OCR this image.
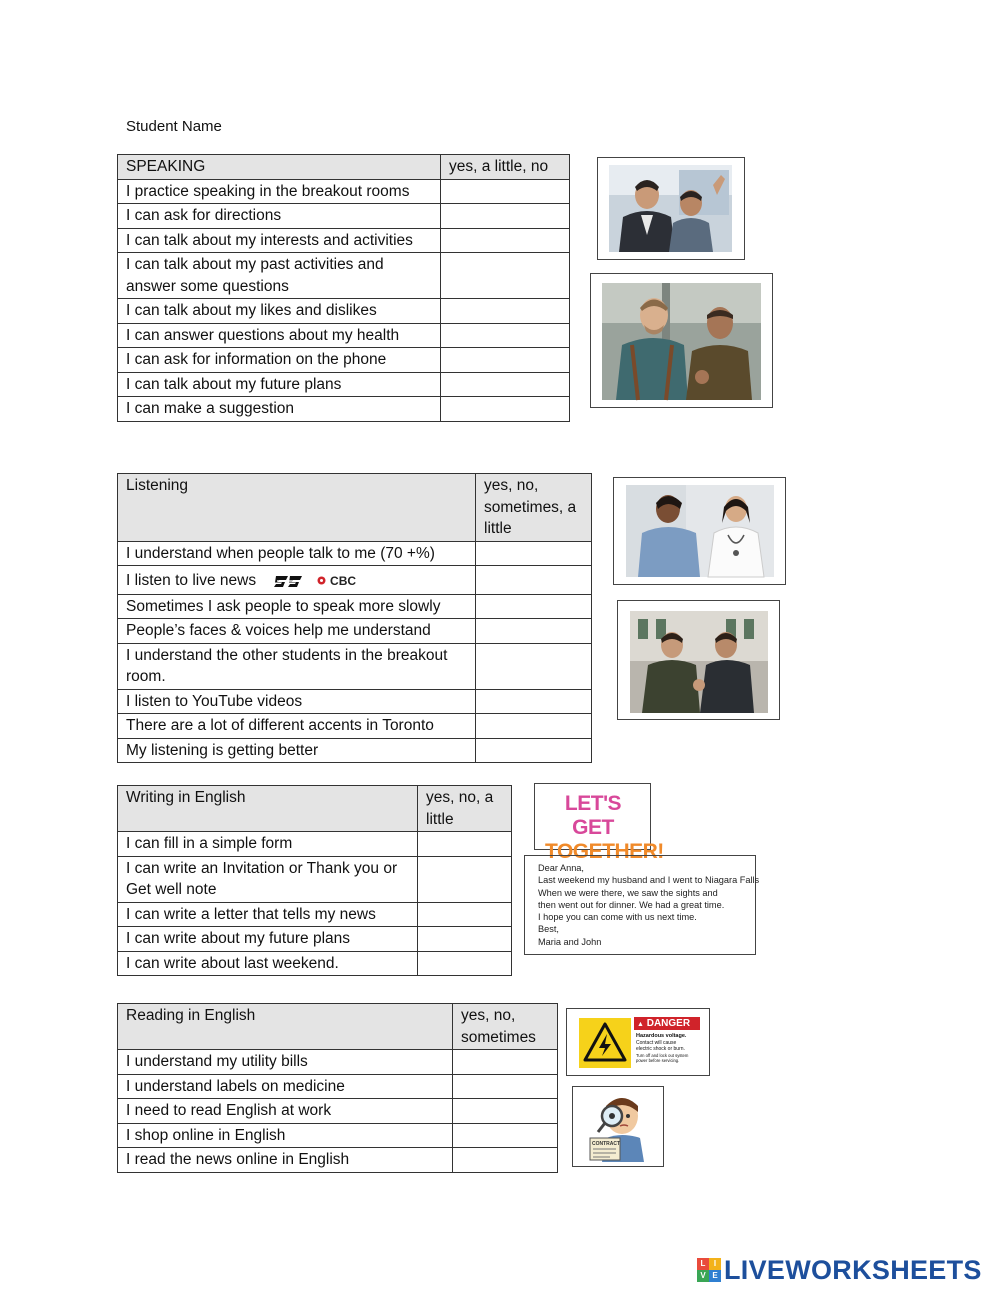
Student Name
SPEAKING	yes, a little, no
I practice speaking in the breakout rooms	
I can ask for directions	
I can talk about my interests and activities	
I can talk about my past activities and answer some questions	
I can talk about my likes and dislikes	
I can answer questions about my health	
I can ask for information on the phone	
I can talk about my future plans	
I can make a suggestion	
Listening	yes, no, sometimes, a little
I understand when people talk to me (70 +%)	
I listen to live news CBC	
Sometimes I ask people to speak more slowly	
People’s faces & voices help me understand	
I understand the other students in the breakout room.	
I listen to YouTube videos	
There are a lot of different accents in Toronto	
My listening is getting better	
Writing in English	yes, no, a little
I can fill in a simple form	
I can write an Invitation or Thank you or Get well note	
I can write a letter that tells my news	
I can write about my future plans	
I can write about last weekend.	
Reading in English	yes, no, sometimes
I understand my utility bills	
I understand labels on medicine	
I need to read English at work	
I shop online in English	
I read the news online in English	
LET'S GET
TOGETHER!
Dear Anna,
Last weekend my husband and I went to Niagara Falls
When we were there, we saw the sights and
then went out for dinner. We had a great time.
I hope you can come with us next time.
Best,
Maria and John
▲ DANGER
Hazardous voltage.
Contact will cause
electric shock or burn.
Turn off and lock out system
power before servicing.
CONTRACT
L	I
V E LIVEWORKSHEETS
